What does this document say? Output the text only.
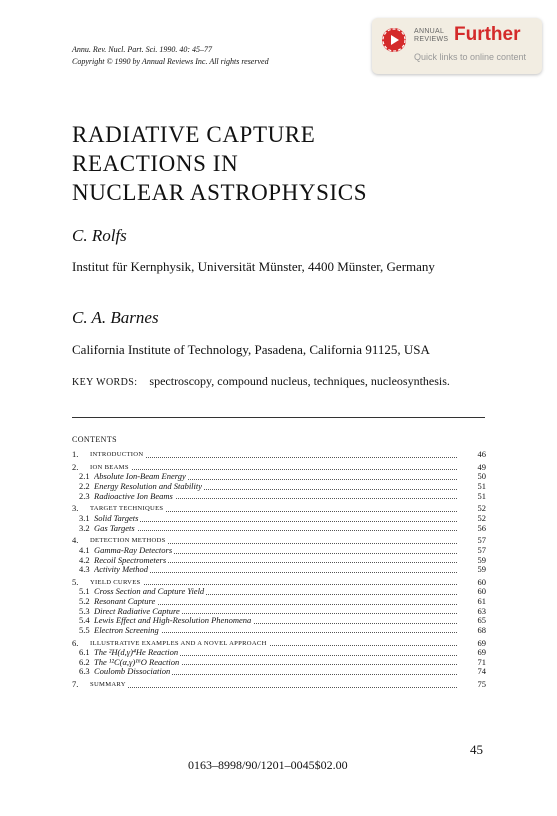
Annu. Rev. Nucl. Part. Sci. 1990. 40: 45–77
Copyright © 1990 by Annual Reviews Inc. All rights reserved
ANNUAL
REVIEWS Further
Quick links to online content
RADIATIVE CAPTURE
REACTIONS IN
NUCLEAR ASTROPHYSICS
C. Rolfs
Institut für Kernphysik, Universität Münster, 4400 Münster, Germany
C. A. Barnes
California Institute of Technology, Pasadena, California 91125, USA
KEY WORDS: spectroscopy, compound nucleus, techniques, nucleosynthesis.
CONTENTS
1. INTRODUCTION	46
2. ION BEAMS	49
2.1 Absolute Ion-Beam Energy	50
2.2 Energy Resolution and Stability	51
2.3 Radioactive Ion Beams	51
3. TARGET TECHNIQUES	52
3.1 Solid Targets	52
3.2 Gas Targets	56
4. DETECTION METHODS	57
4.1 Gamma-Ray Detectors	57
4.2 Recoil Spectrometers	59
4.3 Activity Method	59
5. YIELD CURVES	60
5.1 Cross Section and Capture Yield	60
5.2 Resonant Capture	61
5.3 Direct Radiative Capture	63
5.4 Lewis Effect and High-Resolution Phenomena	65
5.5 Electron Screening	68
6. ILLUSTRATIVE EXAMPLES AND A NOVEL APPROACH	69
6.1 The ²H(d,γ)⁴He Reaction	69
6.2 The ¹²C(α,γ)¹⁶O Reaction	71
6.3 Coulomb Dissociation	74
7. SUMMARY	75
45
0163–8998/90/1201–0045$02.00
